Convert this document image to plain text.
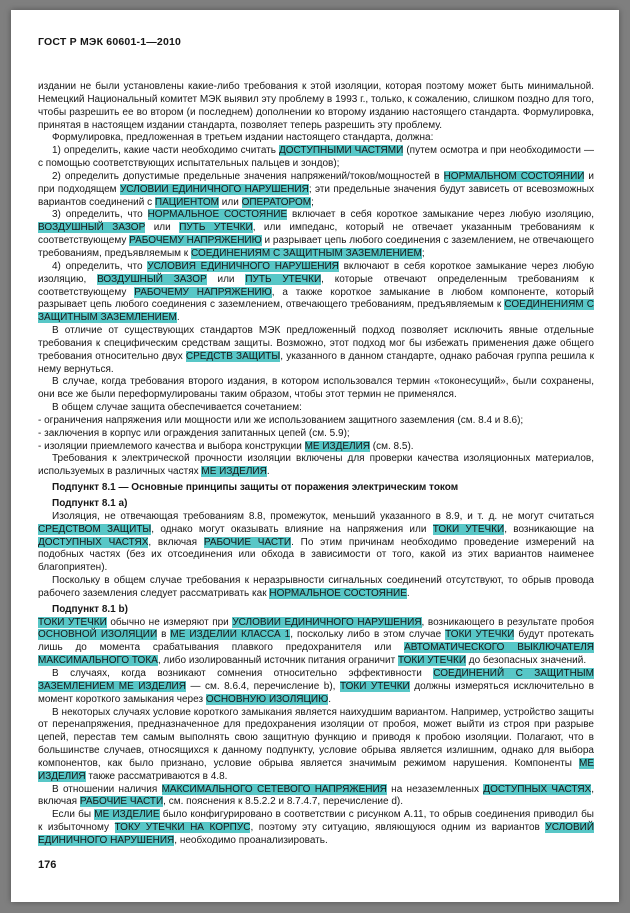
ГОСТ Р МЭК 60601-1—2010

издании не были установлены какие-либо требования к этой изоляции, которая поэтому может быть минимальной. Немецкий Национальный комитет МЭК выявил эту проблему в 1993 г., только, к сожалению, слишком поздно для того, чтобы разрешить ее во втором (и последнем) дополнении ко второму изданию настоящего стандарта. Формулировка, принятая в настоящем издании стандарта, позволяет теперь разрешить эту проблему.

Формулировка, предложенная в третьем издании настоящего стандарта, должна:

1) определить, какие части необходимо считать ДОСТУПНЫМИ ЧАСТЯМИ (путем осмотра и при необходимости — с помощью соответствующих испытательных пальцев и зондов);

2) определить допустимые предельные значения напряжений/токов/мощностей в НОРМАЛЬНОМ СОСТОЯНИИ и при подходящем УСЛОВИИ ЕДИНИЧНОГО НАРУШЕНИЯ; эти предельные значения будут зависеть от всевозможных вариантов соединений с ПАЦИЕНТОМ или ОПЕРАТОРОМ;

3) определить, что НОРМАЛЬНОЕ СОСТОЯНИЕ включает в себя короткое замыкание через любую изоляцию, ВОЗДУШНЫЙ ЗАЗОР или ПУТЬ УТЕЧКИ, или импеданс, который не отвечает указанным требованиям к соответствующему РАБОЧЕМУ НАПРЯЖЕНИЮ и разрывает цепь любого соединения с заземлением, не отвечающего требованиям, предъявляемым к СОЕДИНЕНИЯМ С ЗАЩИТНЫМ ЗАЗЕМЛЕНИЕМ;

4) определить, что УСЛОВИЯ ЕДИНИЧНОГО НАРУШЕНИЯ включают в себя короткое замыкание через любую изоляцию, ВОЗДУШНЫЙ ЗАЗОР или ПУТЬ УТЕЧКИ, которые отвечают определенным требованиям к соответствующему РАБОЧЕМУ НАПРЯЖЕНИЮ, а также короткое замыкание в любом компоненте, который разрывает цепь любого соединения с заземлением, отвечающего требованиям, предъявляемым к СОЕДИНЕНИЯМ С ЗАЩИТНЫМ ЗАЗЕМЛЕНИЕМ.

В отличие от существующих стандартов МЭК предложенный подход позволяет исключить явные отдельные требования к специфическим средствам защиты. Возможно, этот подход мог бы избежать применения даже общего требования относительно двух СРЕДСТВ ЗАЩИТЫ, указанного в данном стандарте, однако рабочая группа решила к нему вернуться.

В случае, когда требования второго издания, в котором использовался термин «токонесущий», были сохранены, они все же были переформулированы таким образом, чтобы этот термин не применялся.

В общем случае защита обеспечивается сочетанием:

- ограничения напряжения или мощности или же использованием защитного заземления (см. 8.4 и 8.6);

- заключения в корпус или ограждения запитанных цепей (см. 5.9);

- изоляции приемлемого качества и выбора конструкции МЕ ИЗДЕЛИЯ (см. 8.5).

Требования к электрической прочности изоляции включены для проверки качества изоляционных материалов, используемых в различных частях МЕ ИЗДЕЛИЯ.

Подпункт 8.1 — Основные принципы защиты от поражения электрическим током

Подпункт 8.1 a)

Изоляция, не отвечающая требованиям 8.8, промежуток, меньший указанного в 8.9, и т. д. не могут считаться СРЕДСТВОМ ЗАЩИТЫ, однако могут оказывать влияние на напряжения или ТОКИ УТЕЧКИ, возникающие на ДОСТУПНЫХ ЧАСТЯХ, включая РАБОЧИЕ ЧАСТИ. По этим причинам необходимо проведение измерений на подобных частях (без их отсоединения или обхода в зависимости от того, какой из этих вариантов наименее благоприятен).

Поскольку в общем случае требования к неразрывности сигнальных соединений отсутствуют, то обрыв провода рабочего заземления следует рассматривать как НОРМАЛЬНОЕ СОСТОЯНИЕ.

Подпункт 8.1 b)

ТОКИ УТЕЧКИ обычно не измеряют при УСЛОВИИ ЕДИНИЧНОГО НАРУШЕНИЯ, возникающего в результате пробоя ОСНОВНОЙ ИЗОЛЯЦИИ в МЕ ИЗДЕЛИИ КЛАССА 1, поскольку либо в этом случае ТОКИ УТЕЧКИ будут протекать лишь до момента срабатывания плавкого предохранителя или АВТОМАТИЧЕСКОГО ВЫКЛЮЧАТЕЛЯ МАКСИМАЛЬНОГО ТОКА, либо изолированный источник питания ограничит ТОКИ УТЕЧКИ до безопасных значений.

В случаях, когда возникают сомнения относительно эффективности СОЕДИНЕНИЙ С ЗАЩИТНЫМ ЗАЗЕМЛЕНИЕМ МЕ ИЗДЕЛИЯ — см. 8.6.4, перечисление b), ТОКИ УТЕЧКИ должны измеряться исключительно в момент короткого замыкания через ОСНОВНУЮ ИЗОЛЯЦИЮ.

В некоторых случаях условие короткого замыкания является наихудшим вариантом. Например, устройство защиты от перенапряжения, предназначенное для предохранения изоляции от пробоя, может выйти из строя при разрыве цепей, перестав тем самым выполнять свою защитную функцию и приводя к пробою изоляции. Полагают, что в большинстве случаев, относящихся к данному подпункту, условие обрыва является излишним, однако для выбора компонентов, как было признано, условие обрыва является значимым режимом нарушения. Компоненты МЕ ИЗДЕЛИЯ также рассматриваются в 4.8.

В отношении наличия МАКСИМАЛЬНОГО СЕТЕВОГО НАПРЯЖЕНИЯ на незаземленных ДОСТУПНЫХ ЧАСТЯХ, включая РАБОЧИЕ ЧАСТИ, см. пояснения к 8.5.2.2 и 8.7.4.7, перечисление d).

Если бы МЕ ИЗДЕЛИЕ было конфигурировано в соответствии с рисунком А.11, то обрыв соединения приводил бы к избыточному ТОКУ УТЕЧКИ НА КОРПУС, поэтому эту ситуацию, являющуюся одним из вариантов УСЛОВИЙ ЕДИНИЧНОГО НАРУШЕНИЯ, необходимо проанализировать.

176
